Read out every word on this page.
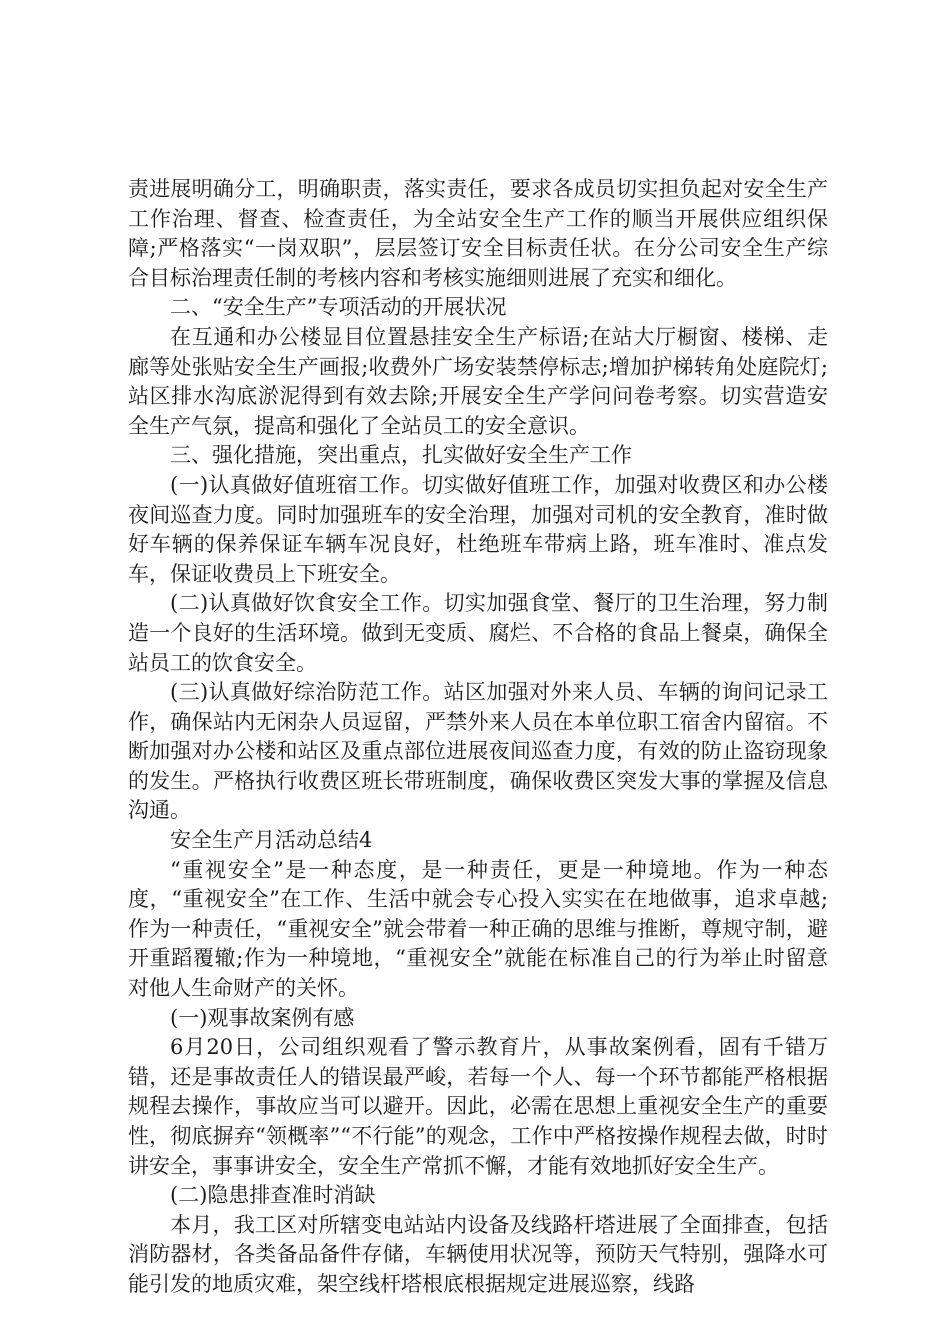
责进展明确分工，明确职责，落实责任，要求各成员切实担负起对安全生产工作治理、督查、检查责任，为全站安全生产工作的顺当开展供应组织保障;严格落实“一岗双职”，层层签订安全目标责任状。在分公司安全生产综合目标治理责任制的考核内容和考核实施细则进展了充实和细化。

二、“安全生产”专项活动的开展状况

在互通和办公楼显目位置悬挂安全生产标语;在站大厅橱窗、楼梯、走廊等处张贴安全生产画报;收费外广场安装禁停标志;增加护梯转角处庭院灯;站区排水沟底淤泥得到有效去除;开展安全生产学问问卷考察。切实营造安全生产气氛，提高和强化了全站员工的安全意识。

三、强化措施，突出重点，扎实做好安全生产工作

(一)认真做好值班宿工作。切实做好值班工作，加强对收费区和办公楼夜间巡查力度。同时加强班车的安全治理，加强对司机的安全教育，准时做好车辆的保养保证车辆车况良好，杜绝班车带病上路，班车准时、准点发车，保证收费员上下班安全。

(二)认真做好饮食安全工作。切实加强食堂、餐厅的卫生治理，努力制造一个良好的生活环境。做到无变质、腐烂、不合格的食品上餐桌，确保全站员工的饮食安全。

(三)认真做好综治防范工作。站区加强对外来人员、车辆的询问记录工作，确保站内无闲杂人员逗留，严禁外来人员在本单位职工宿舍内留宿。不断加强对办公楼和站区及重点部位进展夜间巡查力度，有效的防止盗窃现象的发生。严格执行收费区班长带班制度，确保收费区突发大事的掌握及信息沟通。

安全生产月活动总结4

“重视安全”是一种态度，是一种责任，更是一种境地。作为一种态度，“重视安全”在工作、生活中就会专心投入实实在在地做事，追求卓越;作为一种责任，“重视安全”就会带着一种正确的思维与推断，尊规守制，避开重蹈覆辙;作为一种境地，“重视安全”就能在标准自己的行为举止时留意对他人生命财产的关怀。

(一)观事故案例有感

6月20日，公司组织观看了警示教育片，从事故案例看，固有千错万错，还是事故责任人的错误最严峻，若每一个人、每一个环节都能严格根据规程去操作，事故应当可以避开。因此，必需在思想上重视安全生产的重要性，彻底摒弃“领概率”“不行能”的观念，工作中严格按操作规程去做，时时讲安全，事事讲安全，安全生产常抓不懈，才能有效地抓好安全生产。

(二)隐患排查准时消缺

本月，我工区对所辖变电站站内设备及线路杆塔进展了全面排查，包括消防器材，各类备品备件存储，车辆使用状况等，预防天气特别，强降水可能引发的地质灾难，架空线杆塔根底根据规定进展巡察，线路
